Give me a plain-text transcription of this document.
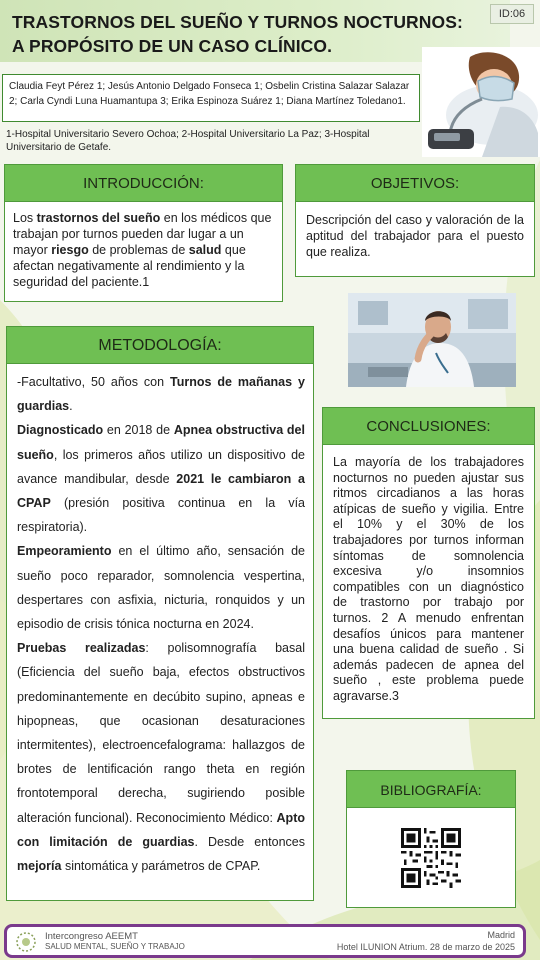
TRASTORNOS DEL SUEÑO Y TURNOS NOCTURNOS:
A PROPÓSITO DE UN CASO CLÍNICO.
ID:06
Claudia Feyt Pérez 1; Jesús Antonio Delgado Fonseca 1; Osbelin Cristina Salazar Salazar 2; Carla Cyndi Luna Huamantupa 3; Erika Espinoza Suárez 1; Diana Martínez Toledano1.
1-Hospital Universitario Severo Ochoa; 2-Hospital Universitario La Paz; 3-Hospital Universitario de Getafe.
INTRODUCCIÓN:
Los trastornos del sueño en los médicos que trabajan por turnos pueden dar lugar a un mayor riesgo de problemas de salud que afectan negativamente al rendimiento y la seguridad del paciente.1
OBJETIVOS:
Descripción del caso y valoración de la aptitud del trabajador para el puesto que realiza.
METODOLOGÍA:

-Facultativo, 50 años con Turnos de mañanas y guardias.

Diagnosticado en 2018 de Apnea obstructiva del sueño, los primeros años utilizo un dispositivo de avance mandibular, desde 2021 le cambiaron a CPAP (presión positiva continua en la vía respiratoria).

Empeoramiento en el último año, sensación de sueño poco reparador, somnolencia vespertina, despertares con asfixia, nicturia, ronquidos y un episodio de crisis tónica nocturna en 2024.

Pruebas realizadas: polisomnografía basal (Eficiencia del sueño baja, efectos obstructivos predominantemente en decúbito supino, apneas e hipopneas, que ocasionan desaturaciones intermitentes), electroencefalograma: hallazgos de brotes de lentificación rango theta en región frontotemporal derecha, sugiriendo posible alteración funcional). Reconocimiento Médico: Apto con limitación de guardias. Desde entonces mejoría sintomática y parámetros de CPAP.

CONCLUSIONES:
La mayoría de los trabajadores nocturnos no pueden ajustar sus ritmos circadianos a las horas atípicas de sueño y vigilia. Entre el 10% y el 30% de los trabajadores por turnos informan síntomas de somnolencia excesiva y/o insomnios compatibles con un diagnóstico de trastorno por trabajo por turnos. 2 A menudo enfrentan desafíos únicos para mantener una buena calidad de sueño . Si además padecen de apnea del sueño , este problema puede agravarse.3
BIBLIOGRAFÍA:
Intercongreso AEEMT
SALUD MENTAL, SUEÑO Y TRABAJO
Madrid
Hotel ILUNION Atrium. 28 de marzo de 2025
